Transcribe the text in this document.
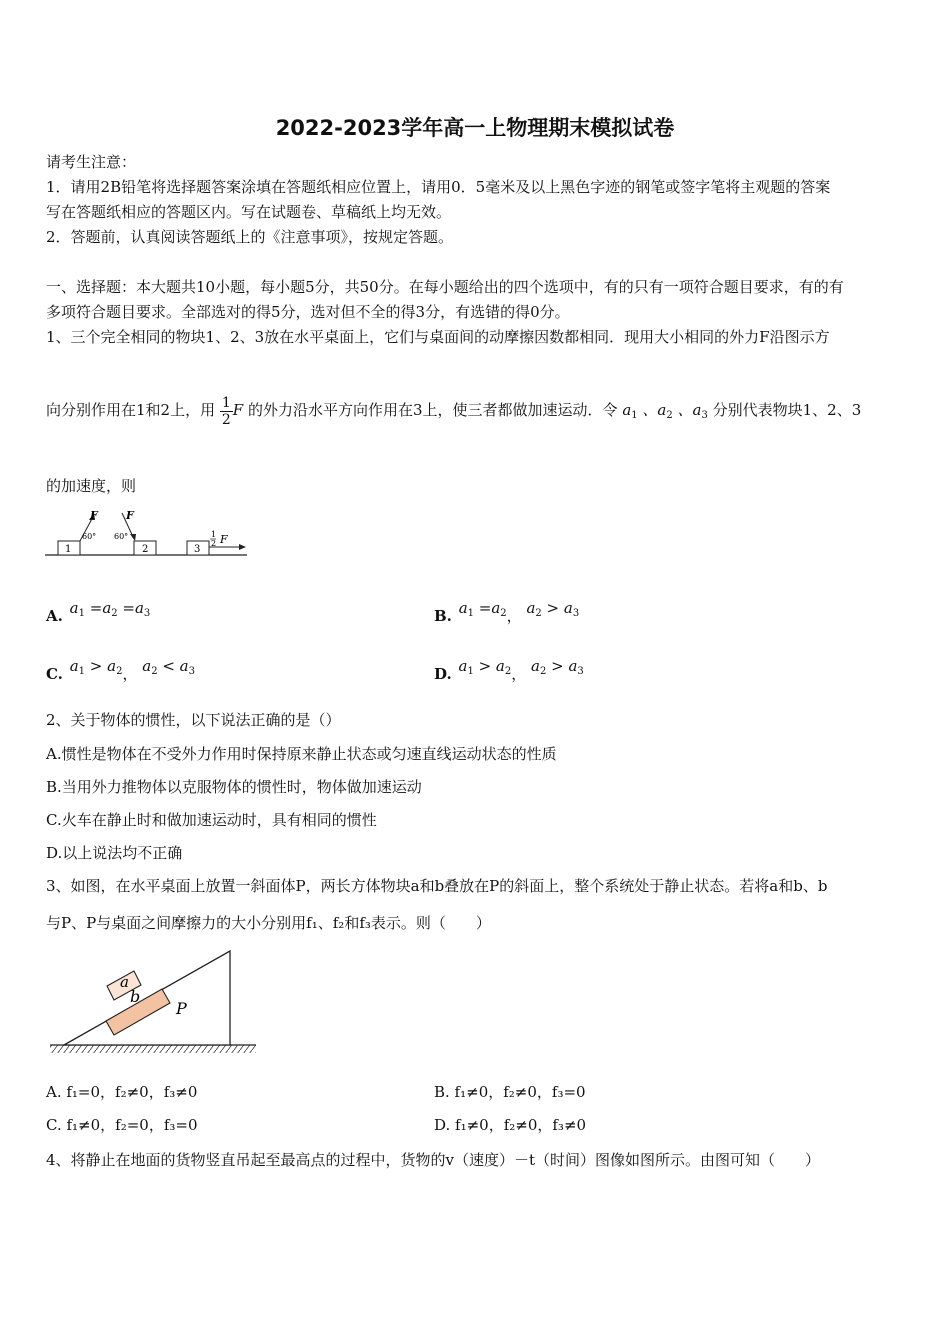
2022-2023学年高一上物理期末模拟试卷
请考生注意：
1．请用2B铅笔将选择题答案涂填在答题纸相应位置上，请用0．5毫米及以上黑色字迹的钢笔或签字笔将主观题的答案
写在答题纸相应的答题区内。写在试题卷、草稿纸上均无效。
2．答题前，认真阅读答题纸上的《注意事项》，按规定答题。
一、选择题：本大题共10小题，每小题5分，共50分。在每小题给出的四个选项中，有的只有一项符合题目要求，有的有
多项符合题目要求。全部选对的得5分，选对但不全的得3分，有选错的得0分。
1、三个完全相同的物块1、2、3放在水平桌面上，它们与桌面间的动摩擦因数都相同．现用大小相同的外力F沿图示方
向分别作用在1和2上，用 $\frac{1}{2}$ F 的外力沿水平方向作用在3上，使三者都做加速运动．令 $a_1$ 、$a_2$ 、$a_3$ 分别代表物块1、2、3
的加速度，则
1	2	3
F
60°
F
60°	1
2 F
A. $a_1 =a_2 =a_3$	B. $a_1 =a_2$， $a_2 > a_3$
C. $a_1 > a_2$， $a_2 < a_3$	D. $a_1 > a_2$， $a_2 > a_3$
2、关于物体的惯性，以下说法正确的是（）
A.惯性是物体在不受外力作用时保持原来静止状态或匀速直线运动状态的性质
B.当用外力推物体以克服物体的惯性时，物体做加速运动
C.火车在静止时和做加速运动时，具有相同的惯性
D.以上说法均不正确
3、如图，在水平桌面上放置一斜面体P，两长方体物块a和b叠放在P的斜面上，整个系统处于静止状态。若将a和b、b
与P、P与桌面之间摩擦力的大小分别用f₁、f₂和f₃表示。则（　　）
P
b
a
A. f₁=0，f₂≠0，f₃≠0	B. f₁≠0，f₂≠0，f₃=0
C. f₁≠0，f₂=0，f₃=0	D. f₁≠0，f₂≠0，f₃≠0
4、将静止在地面的货物竖直吊起至最高点的过程中，货物的v（速度）－t（时间）图像如图所示。由图可知（　　）
